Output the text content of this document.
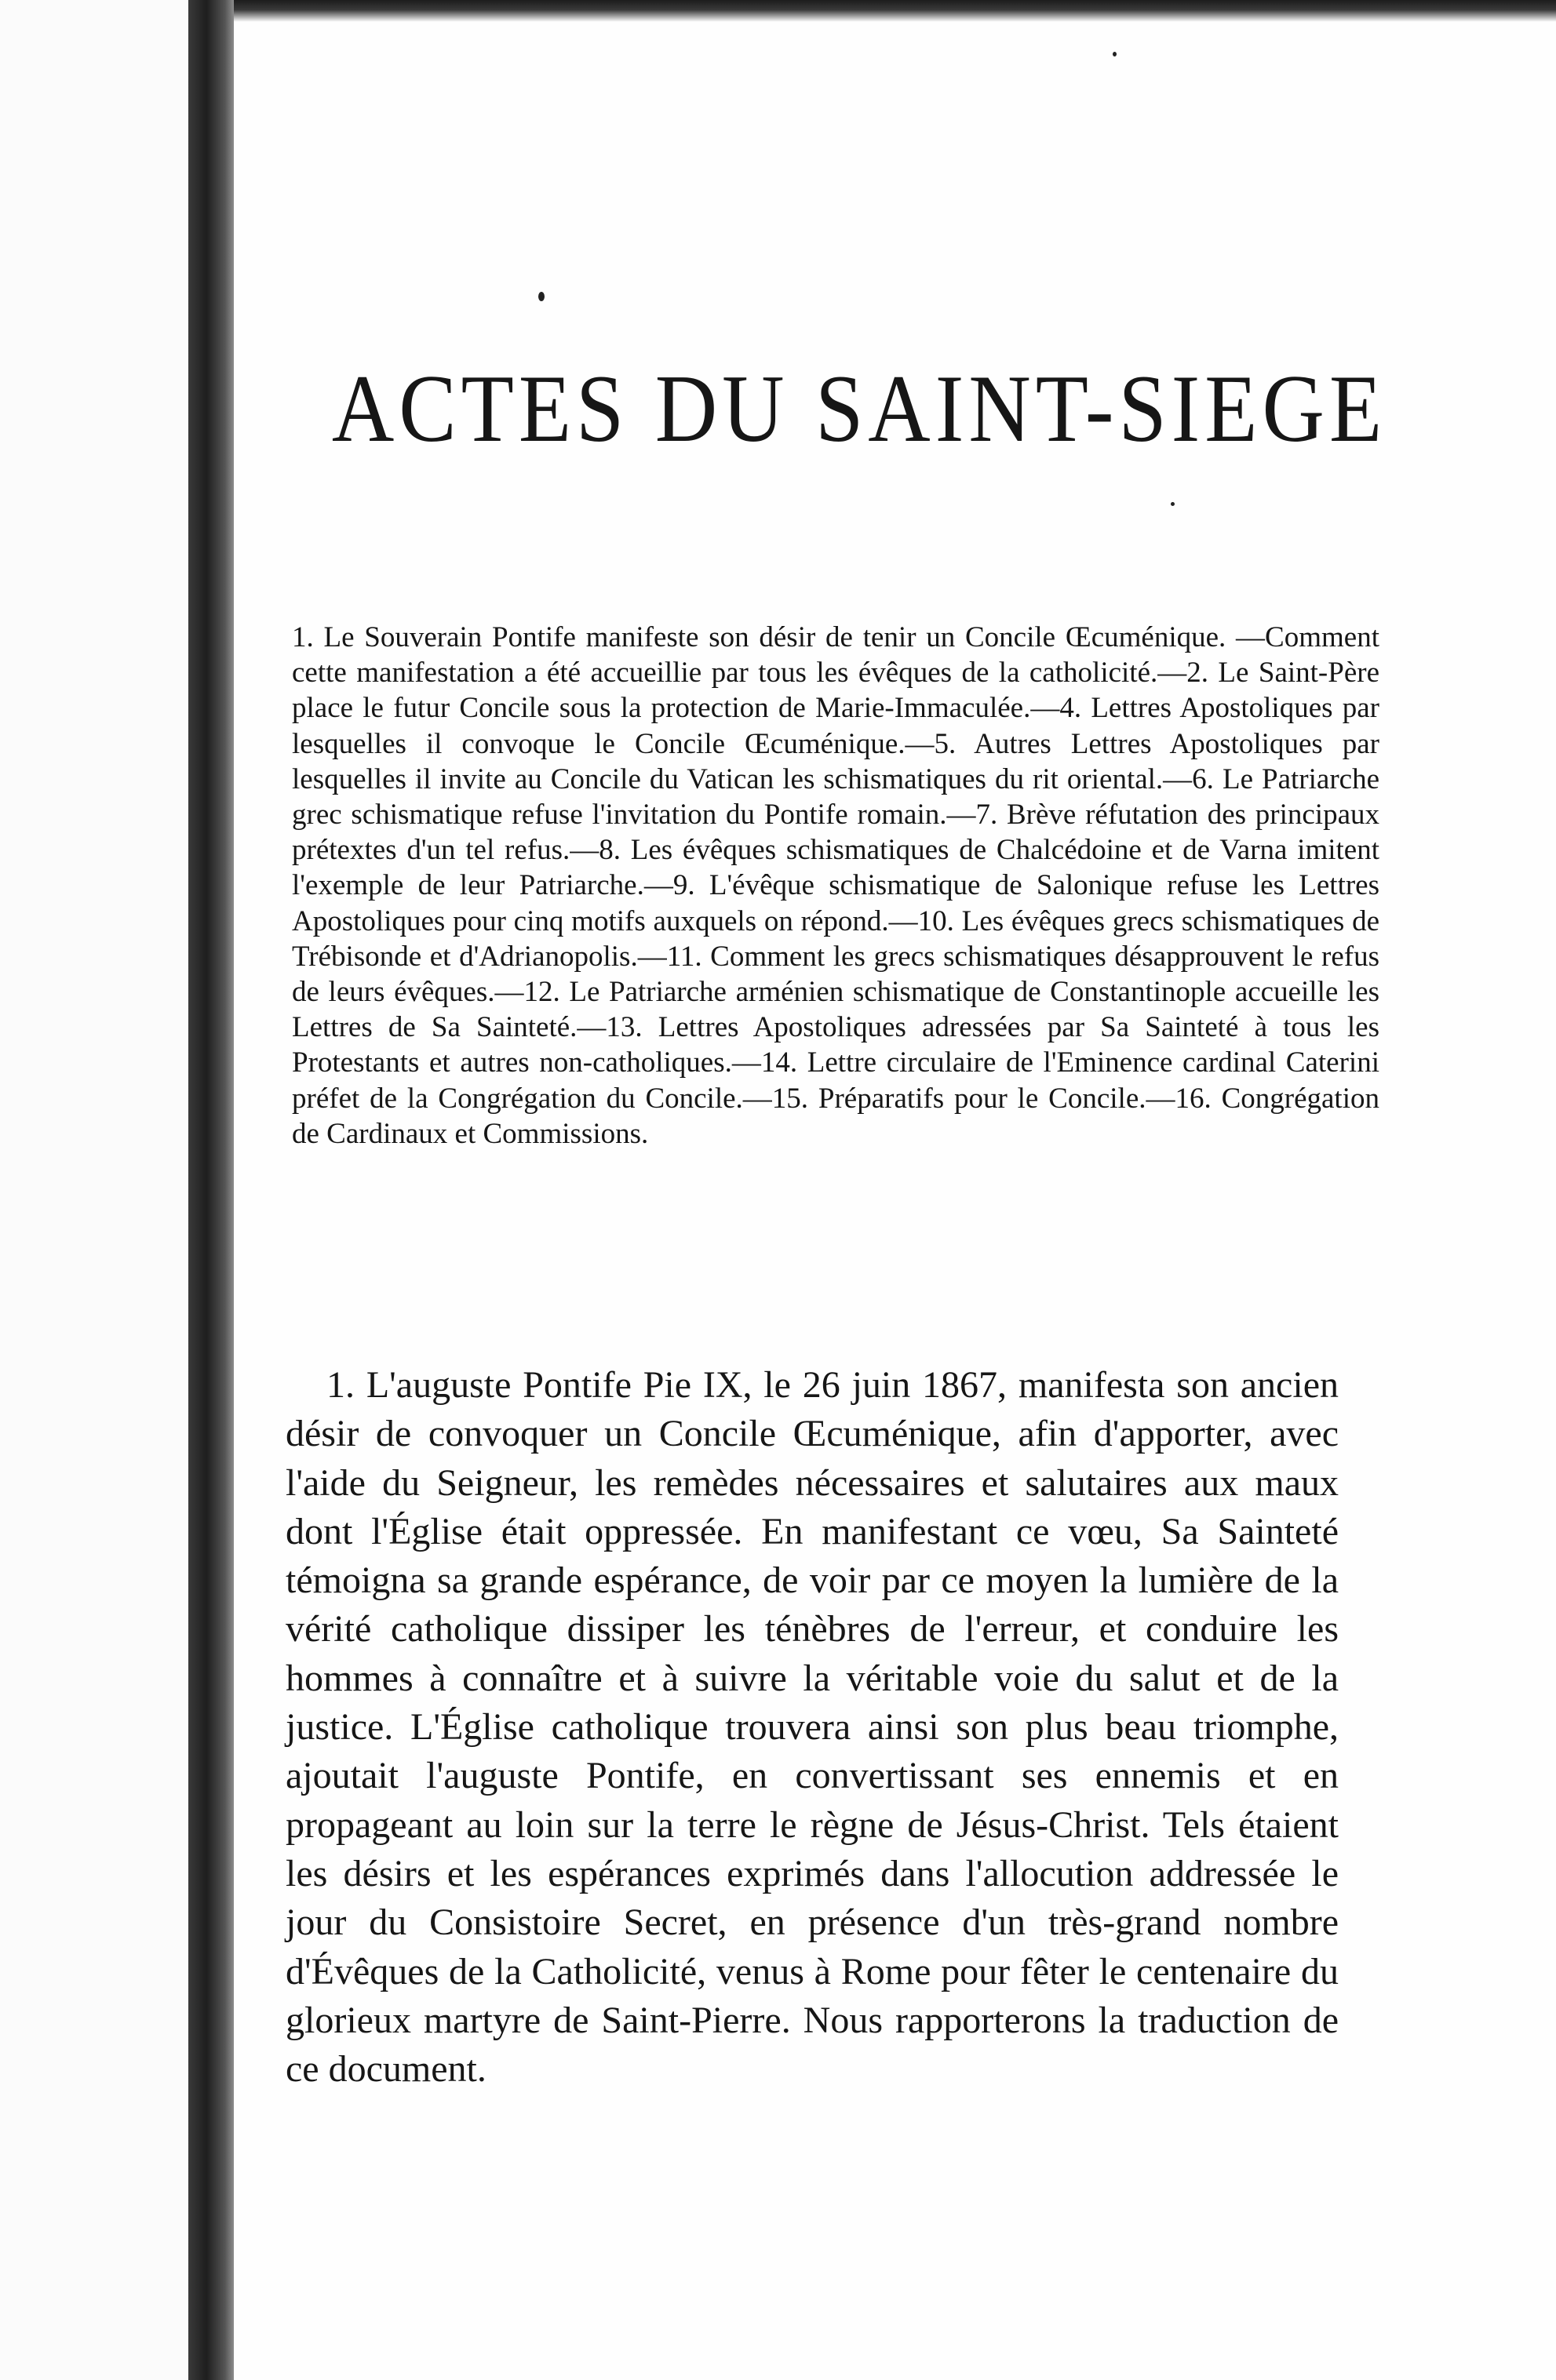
ACTES DU SAINT-SIEGE

1. Le Souverain Pontife manifeste son désir de tenir un Concile Œcuménique. —Comment cette manifestation a été accueillie par tous les évêques de la catholicité.—2. Le Saint-Père place le futur Concile sous la protection de Marie-Immaculée.—4. Lettres Apostoliques par lesquelles il convoque le Concile Œcuménique.—5. Autres Lettres Apostoliques par lesquelles il invite au Concile du Vatican les schismatiques du rit oriental.—6. Le Patriarche grec schismatique refuse l'invitation du Pontife romain.—7. Brève réfutation des principaux prétextes d'un tel refus.—8. Les évêques schismatiques de Chalcédoine et de Varna imitent l'exemple de leur Patriarche.—9. L'évêque schismatique de Salonique refuse les Lettres Apostoliques pour cinq motifs auxquels on répond.—10. Les évêques grecs schismatiques de Trébisonde et d'Adrianopolis.—11. Comment les grecs schismatiques désapprouvent le refus de leurs évêques.—12. Le Patriarche arménien schismatique de Constantinople accueille les Lettres de Sa Sainteté.—13. Lettres Apostoliques adressées par Sa Sainteté à tous les Protestants et autres non-catholiques.—14. Lettre circulaire de l'Eminence cardinal Caterini préfet de la Congrégation du Concile.—15. Préparatifs pour le Concile.—16. Congrégation de Cardinaux et Commissions.

1. L'auguste Pontife Pie IX, le 26 juin 1867, manifesta son ancien désir de convoquer un Concile Œcuménique, afin d'apporter, avec l'aide du Seigneur, les remèdes nécessaires et salutaires aux maux dont l'Église était oppressée. En manifestant ce vœu, Sa Sainteté témoigna sa grande espérance, de voir par ce moyen la lumière de la vérité catholique dissiper les ténèbres de l'erreur, et conduire les hommes à connaître et à suivre la véritable voie du salut et de la justice. L'Église catholique trouvera ainsi son plus beau triomphe, ajoutait l'auguste Pontife, en convertissant ses ennemis et en propageant au loin sur la terre le règne de Jésus-Christ. Tels étaient les désirs et les espérances exprimés dans l'allocution addressée le jour du Consistoire Secret, en présence d'un très-grand nombre d'Évêques de la Catholicité, venus à Rome pour fêter le centenaire du glorieux martyre de Saint-Pierre. Nous rapporterons la traduction de ce document.
